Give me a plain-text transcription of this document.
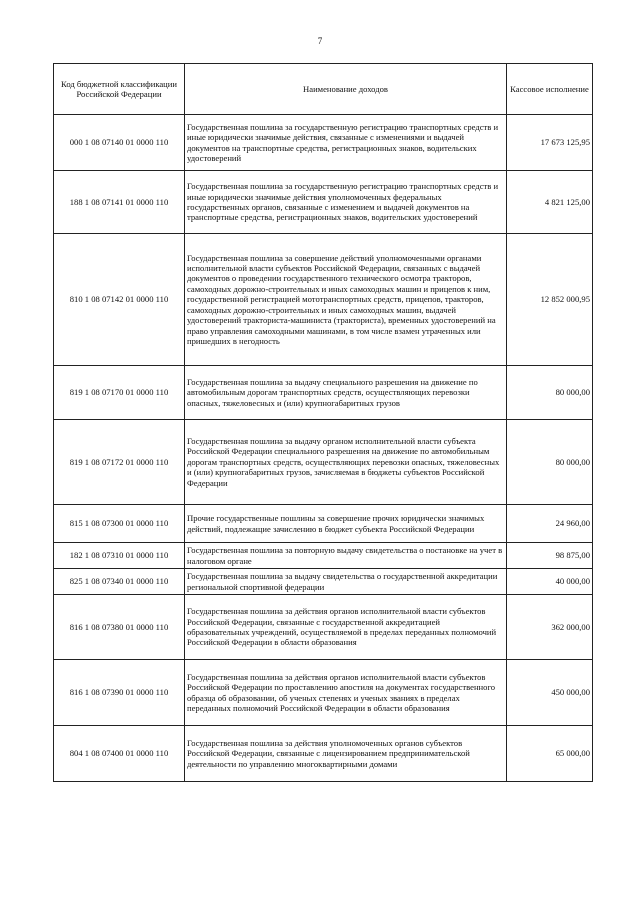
7
Код бюджетной классификации Российской Федерации	Наименование доходов	Кассовое исполнение
000 1 08 07140 01 0000 110	Государственная пошлина за государственную регистрацию транспортных средств и иные юридически значимые действия, связанные с изменениями и выдачей документов на транспортные средства, регистрационных знаков, водительских удостоверений	17 673 125,95
188 1 08 07141 01 0000 110	Государственная пошлина за государственную регистрацию транспортных средств и иные юридически значимые действия уполномоченных федеральных государственных органов, связанные с изменением и выдачей документов на транспортные средства, регистрационных знаков, водительских удостоверений	4 821 125,00
810 1 08 07142 01 0000 110	Государственная пошлина за совершение действий уполномоченными органами исполнительной власти субъектов Российской Федерации, связанных с выдачей документов о проведении государственного технического осмотра тракторов, самоходных дорожно-строительных и иных самоходных машин и прицепов к ним, государственной регистрацией мототранспортных средств, прицепов, тракторов, самоходных дорожно-строительных и иных самоходных машин, выдачей удостоверений тракториста-машиниста (тракториста), временных удостоверений на право управления самоходными машинами, в том числе взамен утраченных или пришедших в негодность	12 852 000,95
819 1 08 07170 01 0000 110	Государственная пошлина за выдачу специального разрешения на движение по автомобильным дорогам транспортных средств, осуществляющих перевозки опасных, тяжеловесных и (или) крупногабаритных грузов	80 000,00
819 1 08 07172 01 0000 110	Государственная пошлина за выдачу органом исполнительной власти субъекта Российской Федерации специального разрешения на движение по автомобильным дорогам транспортных средств, осуществляющих перевозки опасных, тяжеловесных и (или) крупногабаритных грузов, зачисляемая в бюджеты субъектов Российской Федерации	80 000,00
815 1 08 07300 01 0000 110	Прочие государственные пошлины за совершение прочих юридически значимых действий, подлежащие зачислению в бюджет субъекта Российской Федерации	24 960,00
182 1 08 07310 01 0000 110	Государственная пошлина за повторную выдачу свидетельства о постановке на учет в налоговом органе	98 875,00
825 1 08 07340 01 0000 110	Государственная пошлина за выдачу свидетельства о государственной аккредитации региональной спортивной федерации	40 000,00
816 1 08 07380 01 0000 110	Государственная пошлина за действия органов исполнительной власти субъектов Российской Федерации, связанные с государственной аккредитацией образовательных учреждений, осуществляемой в пределах переданных полномочий Российской Федерации в области образования	362 000,00
816 1 08 07390 01 0000 110	Государственная пошлина за действия органов исполнительной власти субъектов Российской Федерации по проставлению апостиля на документах государственного образца об образовании, об ученых степенях и ученых званиях в пределах переданных полномочий Российской Федерации в области образования	450 000,00
804 1 08 07400 01 0000 110	Государственная пошлина за действия уполномоченных органов субъектов Российской Федерации, связанные с лицензированием предпринимательской деятельности по управлению многоквартирными домами	65 000,00
